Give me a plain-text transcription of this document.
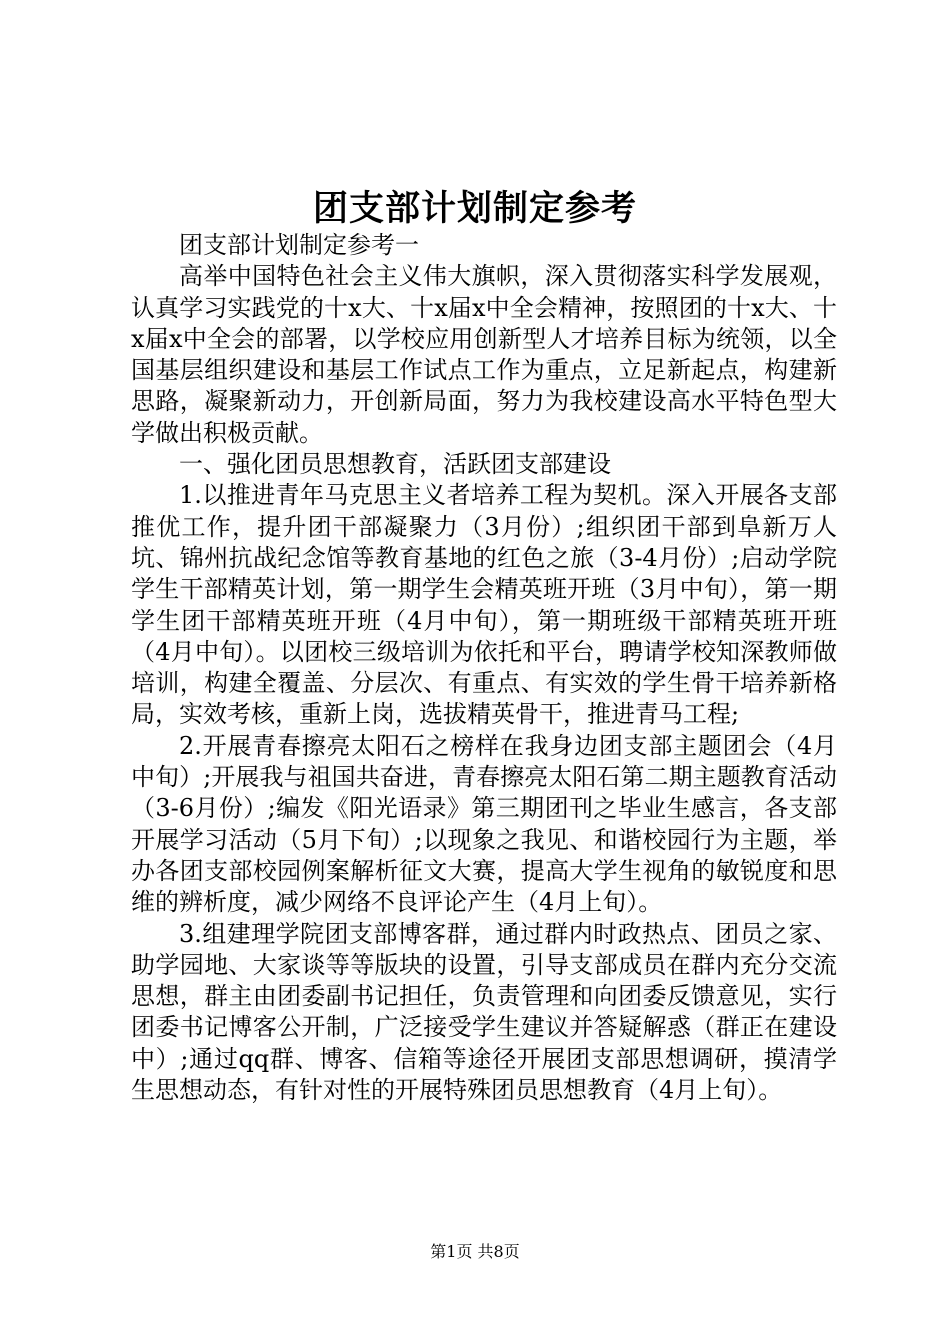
团支部计划制定参考

团支部计划制定参考一

高举中国特色社会主义伟大旗帜，深入贯彻落实科学发展观，认真学习实践党的十x大、十x届x中全会精神，按照团的十x大、十x届x中全会的部署，以学校应用创新型人才培养目标为统领，以全国基层组织建设和基层工作试点工作为重点，立足新起点，构建新思路，凝聚新动力，开创新局面，努力为我校建设高水平特色型大学做出积极贡献。

一、强化团员思想教育，活跃团支部建设

1.以推进青年马克思主义者培养工程为契机。深入开展各支部推优工作，提升团干部凝聚力（3月份）;组织团干部到阜新万人坑、锦州抗战纪念馆等教育基地的红色之旅（3-4月份）;启动学院学生干部精英计划，第一期学生会精英班开班（3月中旬），第一期学生团干部精英班开班（4月中旬），第一期班级干部精英班开班（4月中旬）。以团校三级培训为依托和平台，聘请学校知深教师做培训，构建全覆盖、分层次、有重点、有实效的学生骨干培养新格局，实效考核，重新上岗，选拔精英骨干，推进青马工程;

2.开展青春擦亮太阳石之榜样在我身边团支部主题团会（4月中旬）;开展我与祖国共奋进，青春擦亮太阳石第二期主题教育活动（3-6月份）;编发《阳光语录》第三期团刊之毕业生感言，各支部开展学习活动（5月下旬）;以现象之我见、和谐校园行为主题，举办各团支部校园例案解析征文大赛，提高大学生视角的敏锐度和思维的辨析度，减少网络不良评论产生（4月上旬）。

3.组建理学院团支部博客群，通过群内时政热点、团员之家、助学园地、大家谈等等版块的设置，引导支部成员在群内充分交流思想，群主由团委副书记担任，负责管理和向团委反馈意见，实行团委书记博客公开制，广泛接受学生建议并答疑解惑（群正在建设中）;通过qq群、博客、信箱等途径开展团支部思想调研，摸清学生思想动态，有针对性的开展特殊团员思想教育（4月上旬）。

第1页 共8页
